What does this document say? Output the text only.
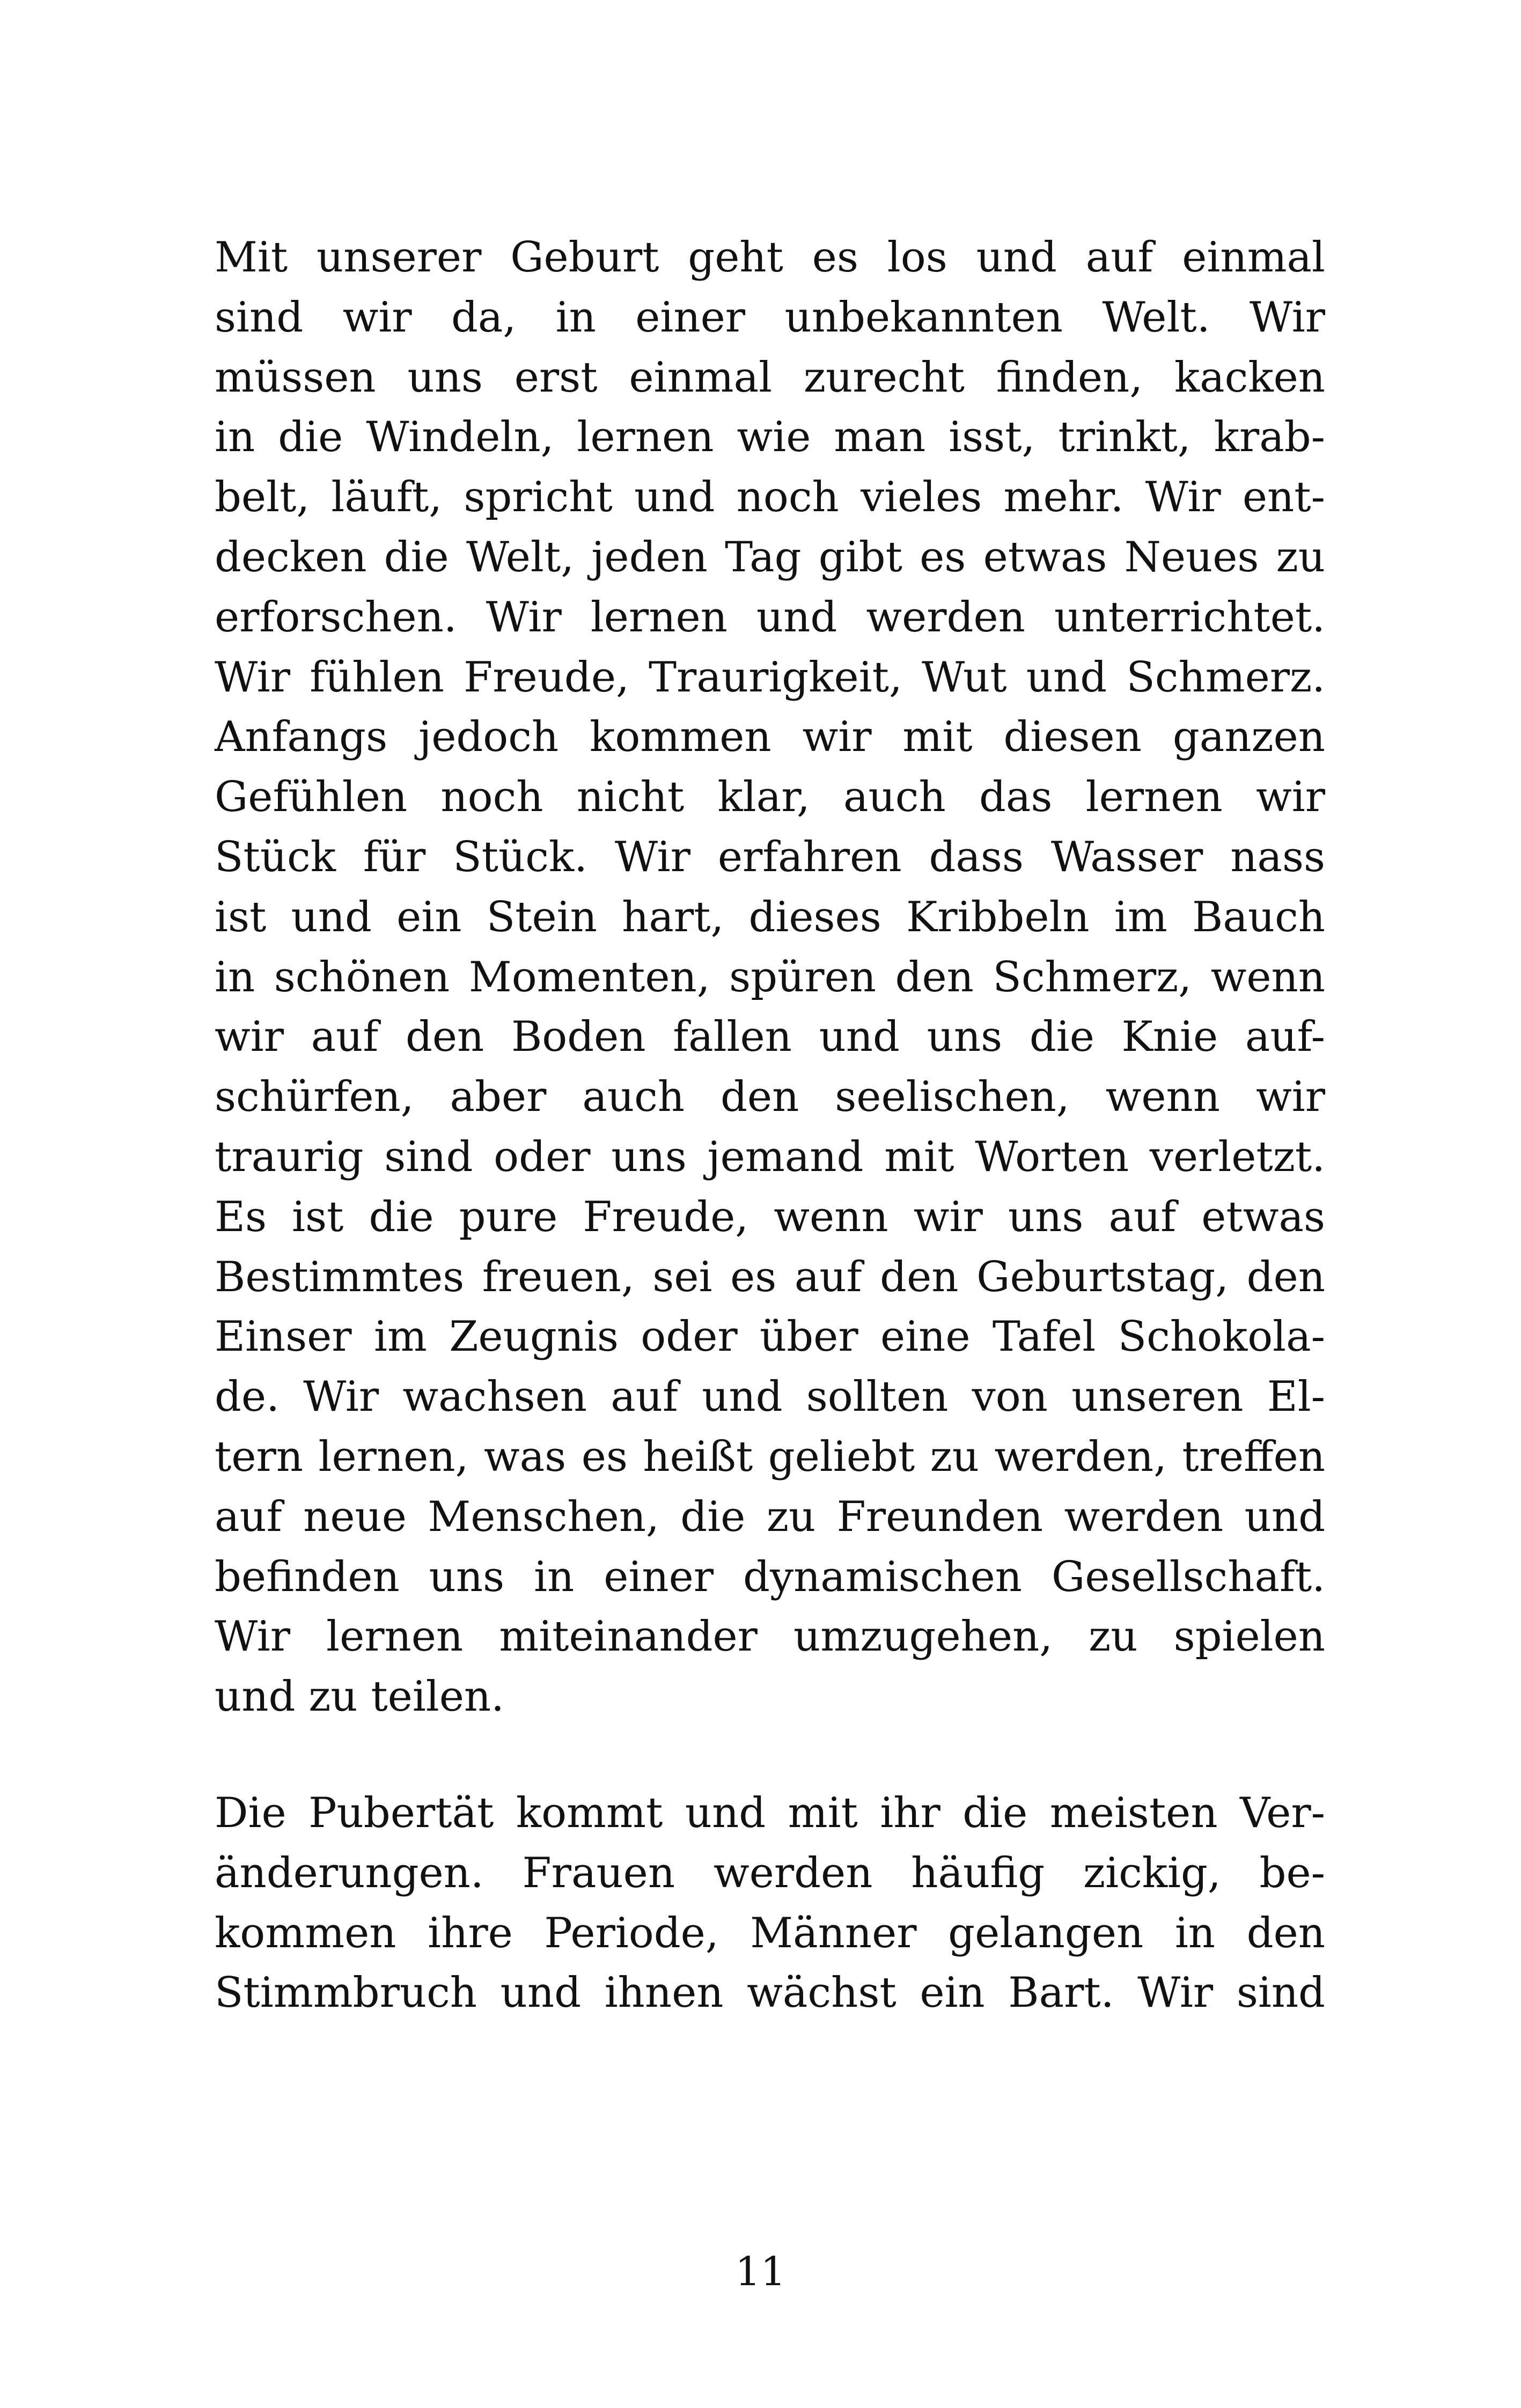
Mit unserer Geburt geht es los und auf einmal
sind wir da, in einer unbekannten Welt. Wir
müssen uns erst einmal zurecht finden, kacken
in die Windeln, lernen wie man isst, trinkt, krab-
belt, läuft, spricht und noch vieles mehr. Wir ent-
decken die Welt, jeden Tag gibt es etwas Neues zu
erforschen. Wir lernen und werden unterrichtet.
Wir fühlen Freude, Traurigkeit, Wut und Schmerz.
Anfangs jedoch kommen wir mit diesen ganzen
Gefühlen noch nicht klar, auch das lernen wir
Stück für Stück. Wir erfahren dass Wasser nass
ist und ein Stein hart, dieses Kribbeln im Bauch
in schönen Momenten, spüren den Schmerz, wenn
wir auf den Boden fallen und uns die Knie auf-
schürfen, aber auch den seelischen, wenn wir
traurig sind oder uns jemand mit Worten verletzt.
Es ist die pure Freude, wenn wir uns auf etwas
Bestimmtes freuen, sei es auf den Geburtstag, den
Einser im Zeugnis oder über eine Tafel Schokola-
de. Wir wachsen auf und sollten von unseren El-
tern lernen, was es heißt geliebt zu werden, treffen
auf neue Menschen, die zu Freunden werden und
befinden uns in einer dynamischen Gesellschaft.
Wir lernen miteinander umzugehen, zu spielen
und zu teilen.
Die Pubertät kommt und mit ihr die meisten Ver-
änderungen. Frauen werden häufig zickig, be-
kommen ihre Periode, Männer gelangen in den
Stimmbruch und ihnen wächst ein Bart. Wir sind
11
